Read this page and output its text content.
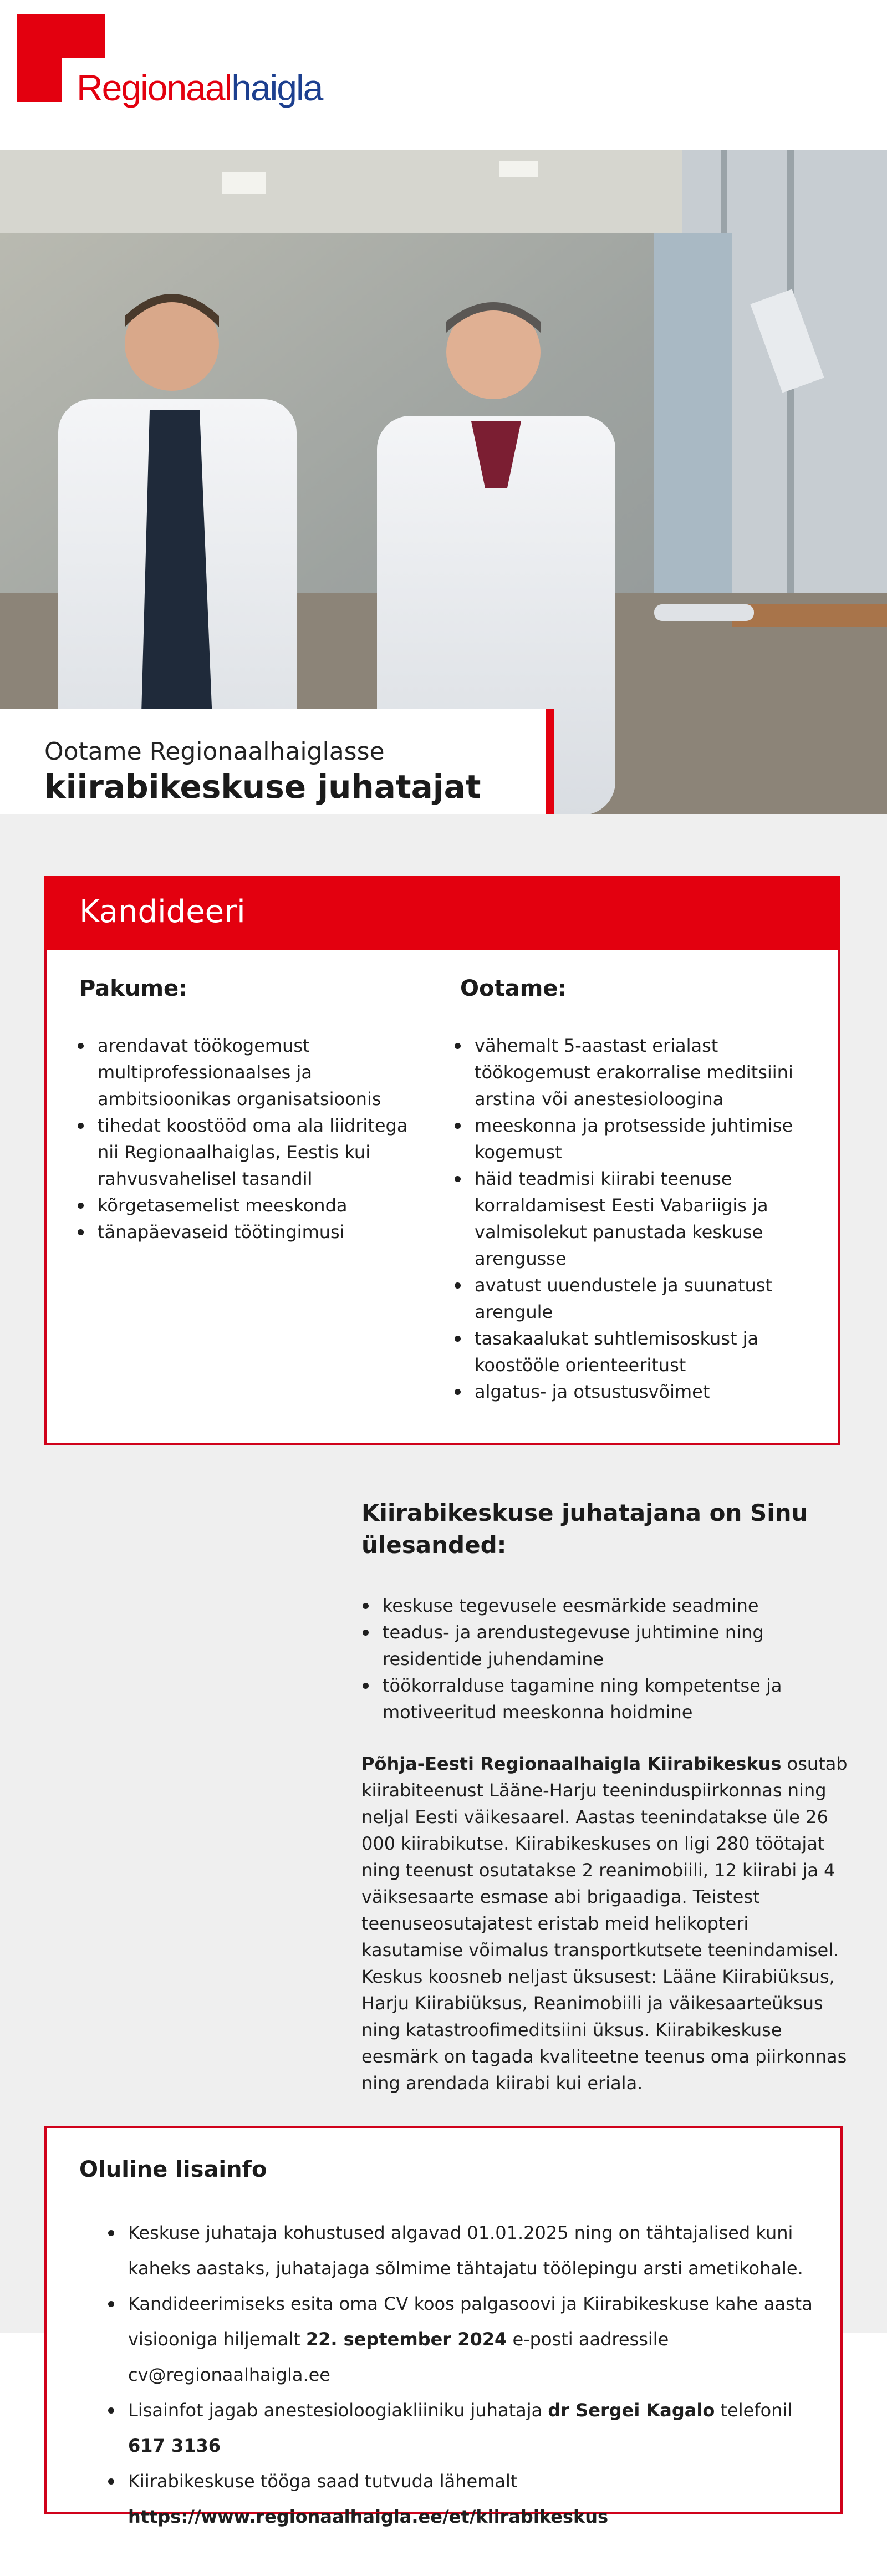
Regionaalhaigla
Ootame Regionaalhaiglasse
kiirabikeskuse juhatajat
Kandideeri
Pakume:
arendavat töökogemust multiprofessionaalses ja ambitsioonikas organisatsioonis
tihedat koostööd oma ala liidritega nii Regionaalhaiglas, Eestis kui rahvusvahelisel tasandil
kõrgetasemelist meeskonda
tänapäevaseid töötingimusi
Ootame:
vähemalt 5-aastast erialast töökogemust erakorralise meditsiini arstina või anestesioloogina
meeskonna ja protsesside juhtimise kogemust
häid teadmisi kiirabi teenuse korraldamisest Eesti Vabariigis ja valmisolekut panustada keskuse arengusse
avatust uuendustele ja suunatust arengule
tasakaalukat suhtlemisoskust ja koostööle orienteeritust
algatus- ja otsustusvõimet
Kiirabikeskuse juhatajana on Sinu ülesanded:
keskuse tegevusele eesmärkide seadmine
teadus- ja arendustegevuse juhtimine ning residentide juhendamine
töökorralduse tagamine ning kompetentse ja motiveeritud meeskonna hoidmine
Põhja-Eesti Regionaalhaigla Kiirabikeskus osutab kiirabiteenust Lääne-Harju teeninduspiirkonnas ning neljal Eesti väikesaarel. Aastas teenindatakse üle 26 000 kiirabikutse. Kiirabikeskuses on ligi 280 töötajat ning teenust osutatakse 2 reanimobiili, 12 kiirabi ja 4 väiksesaarte esmase abi brigaadiga. Teistest teenuseosutajatest eristab meid helikopteri kasutamise võimalus transportkutsete teenindamisel. Keskus koosneb neljast üksusest: Lääne Kiirabiüksus, Harju Kiirabiüksus, Reanimobiili ja väikesaarteüksus ning katastroofimeditsiini üksus. Kiirabikeskuse eesmärk on tagada kvaliteetne teenus oma piirkonnas ning arendada kiirabi kui eriala.
Oluline lisainfo
Keskuse juhataja kohustused algavad 01.01.2025 ning on tähtajalised kuni kaheks aastaks, juhatajaga sõlmime tähtajatu töölepingu arsti ametikohale.
Kandideerimiseks esita oma CV koos palgasoovi ja Kiirabikeskuse kahe aasta visiooniga hiljemalt 22. september 2024 e-posti aadressile cv@regionaalhaigla.ee
Lisainfot jagab anestesioloogiakliiniku juhataja dr Sergei Kagalo telefonil 617 3136
Kiirabikeskuse tööga saad tutvuda lähemalt https://www.regionaalhaigla.ee/et/kiirabikeskus
